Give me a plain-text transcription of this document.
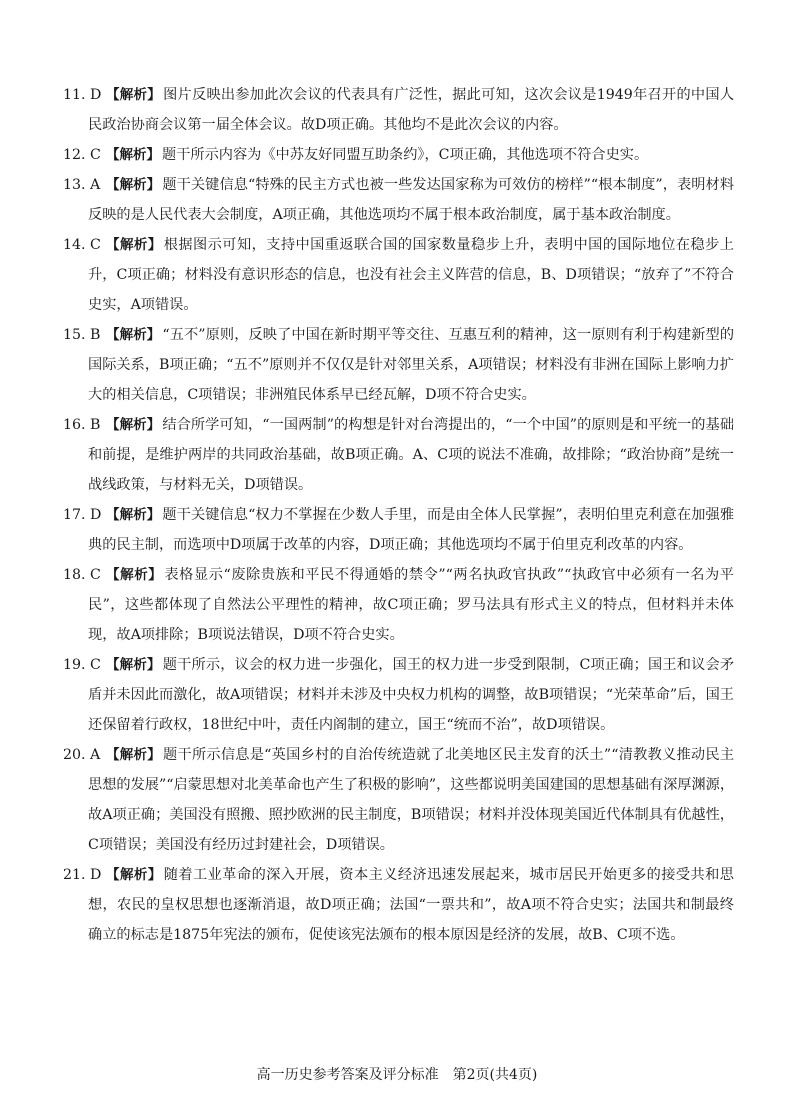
11. D 【解析】 图片反映出参加此次会议的代表具有广泛性，据此可知，这次会议是1949年召开的中国人民政治协商会议第一届全体会议。故D项正确。其他均不是此次会议的内容。
12. C 【解析】 题干所示内容为《中苏友好同盟互助条约》，C项正确，其他选项不符合史实。
13. A 【解析】 题干关键信息“特殊的民主方式也被一些发达国家称为可效仿的榜样”“根本制度”，表明材料反映的是人民代表大会制度，A项正确，其他选项均不属于根本政治制度，属于基本政治制度。
14. C 【解析】 根据图示可知，支持中国重返联合国的国家数量稳步上升，表明中国的国际地位在稳步上升，C项正确；材料没有意识形态的信息，也没有社会主义阵营的信息，B、D项错误；“放弃了”不符合史实，A项错误。
15. B 【解析】 “五不”原则，反映了中国在新时期平等交往、互惠互利的精神，这一原则有利于构建新型的国际关系，B项正确；“五不”原则并不仅仅是针对邻里关系，A项错误；材料没有非洲在国际上影响力扩大的相关信息，C项错误；非洲殖民体系早已经瓦解，D项不符合史实。
16. B 【解析】 结合所学可知，“一国两制”的构想是针对台湾提出的，“一个中国”的原则是和平统一的基础和前提，是维护两岸的共同政治基础，故B项正确。A、C项的说法不准确，故排除；“政治协商”是统一战线政策，与材料无关，D项错误。
17. D 【解析】 题干关键信息“权力不掌握在少数人手里，而是由全体人民掌握”，表明伯里克利意在加强雅典的民主制，而选项中D项属于改革的内容，D项正确；其他选项均不属于伯里克利改革的内容。
18. C 【解析】 表格显示“废除贵族和平民不得通婚的禁令”“两名执政官执政”“执政官中必须有一名为平民”，这些都体现了自然法公平理性的精神，故C项正确；罗马法具有形式主义的特点，但材料并未体现，故A项排除；B项说法错误，D项不符合史实。
19. C 【解析】 题干所示，议会的权力进一步强化，国王的权力进一步受到限制，C项正确；国王和议会矛盾并未因此而激化，故A项错误；材料并未涉及中央权力机构的调整，故B项错误；“光荣革命”后，国王还保留着行政权，18世纪中叶，责任内阁制的建立，国王“统而不治”，故D项错误。
20. A 【解析】 题干所示信息是“英国乡村的自治传统造就了北美地区民主发育的沃土”“清教教义推动民主思想的发展”“启蒙思想对北美革命也产生了积极的影响”，这些都说明美国建国的思想基础有深厚渊源，故A项正确；美国没有照搬、照抄欧洲的民主制度，B项错误；材料并没体现美国近代体制具有优越性，C项错误；美国没有经历过封建社会，D项错误。
21. D 【解析】 随着工业革命的深入开展，资本主义经济迅速发展起来，城市居民开始更多的接受共和思想，农民的皇权思想也逐渐消退，故D项正确；法国“一票共和”，故A项不符合史实；法国共和制最终确立的标志是1875年宪法的颁布，促使该宪法颁布的根本原因是经济的发展，故B、C项不选。
高一历史参考答案及评分标准　第2页(共4页)
